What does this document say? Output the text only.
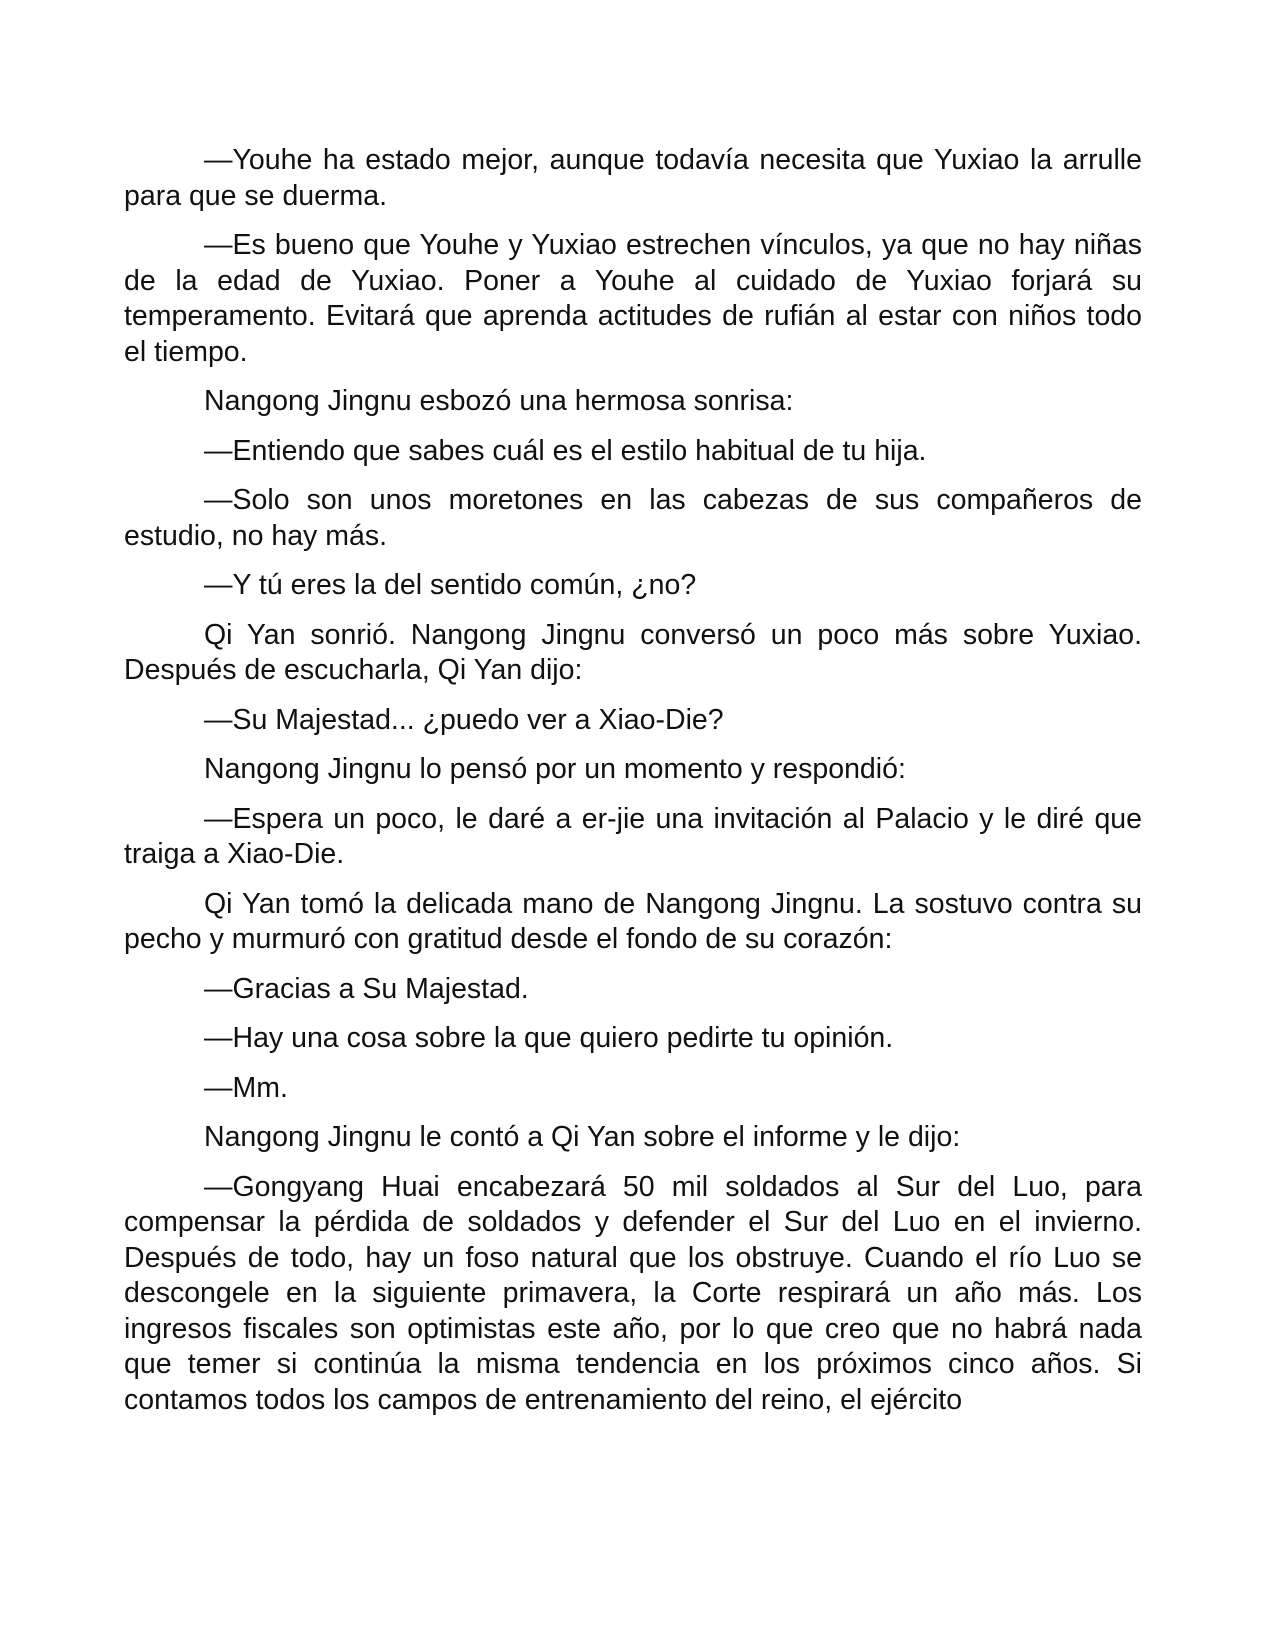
—Youhe ha estado mejor, aunque todavía necesita que Yuxiao la arrulle para que se duerma.

—Es bueno que Youhe y Yuxiao estrechen vínculos, ya que no hay niñas de la edad de Yuxiao. Poner a Youhe al cuidado de Yuxiao forjará su temperamento. Evitará que aprenda actitudes de rufián al estar con niños todo el tiempo.

Nangong Jingnu esbozó una hermosa sonrisa:

—Entiendo que sabes cuál es el estilo habitual de tu hija.

—Solo son unos moretones en las cabezas de sus compañeros de estudio, no hay más.

—Y tú eres la del sentido común, ¿no?

Qi Yan sonrió. Nangong Jingnu conversó un poco más sobre Yuxiao. Después de escucharla, Qi Yan dijo:

—Su Majestad... ¿puedo ver a Xiao-Die?

Nangong Jingnu lo pensó por un momento y respondió:

—Espera un poco, le daré a er-jie una invitación al Palacio y le diré que traiga a Xiao-Die.

Qi Yan tomó la delicada mano de Nangong Jingnu. La sostuvo contra su pecho y murmuró con gratitud desde el fondo de su corazón:

—Gracias a Su Majestad.

—Hay una cosa sobre la que quiero pedirte tu opinión.

—Mm.

Nangong Jingnu le contó a Qi Yan sobre el informe y le dijo:

—Gongyang Huai encabezará 50 mil soldados al Sur del Luo, para compensar la pérdida de soldados y defender el Sur del Luo en el invierno. Después de todo, hay un foso natural que los obstruye. Cuando el río Luo se descongele en la siguiente primavera, la Corte respirará un año más. Los ingresos fiscales son optimistas este año, por lo que creo que no habrá nada que temer si continúa la misma tendencia en los próximos cinco años. Si contamos todos los campos de entrenamiento del reino, el ejército
